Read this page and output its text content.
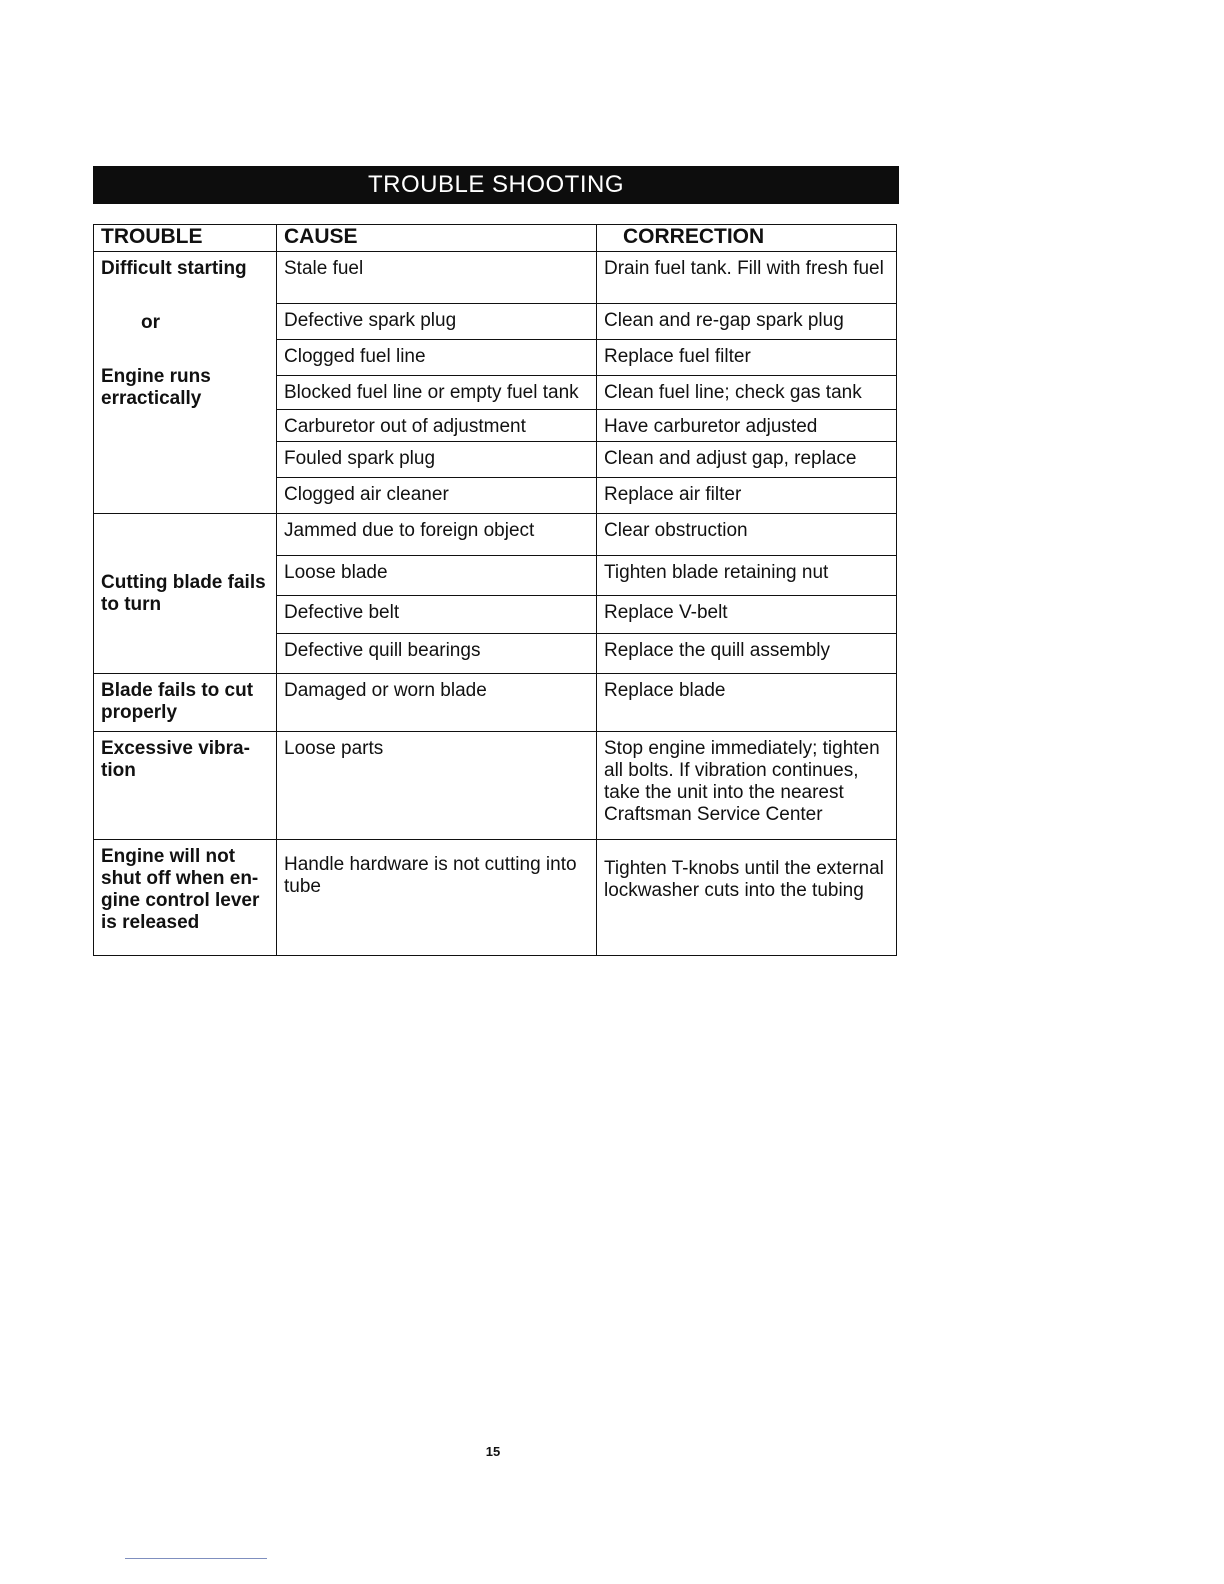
TROUBLE SHOOTING
TROUBLE	CAUSE	CORRECTION

Difficult starting
or
Engine runs
erractically	Stale fuel	Drain fuel tank. Fill with fresh fuel
	Defective spark plug	Clean and re-gap spark plug
	Clogged fuel line	Replace fuel filter
	Blocked fuel line or empty fuel tank	Clean fuel line; check gas tank
	Carburetor out of adjustment	Have carburetor adjusted
	Fouled spark plug	Clean and adjust gap, replace
	Clogged air cleaner	Replace air filter
Cutting blade fails to turn	Jammed due to foreign object	Clear obstruction
	Loose blade	Tighten blade retaining nut
	Defective belt	Replace V-belt
	Defective quill bearings	Replace the quill assembly
Blade fails to cut properly	Damaged or worn blade	Replace blade
Excessive vibra- tion	Loose parts	Stop engine immediately; tighten all bolts. If vibration continues, take the unit into the nearest Craftsman Service Center
Engine will not shut off when en- gine control lever is released	Handle hardware is not cutting into tube	Tighten T-knobs until the external lockwasher cuts into the tubing
15
